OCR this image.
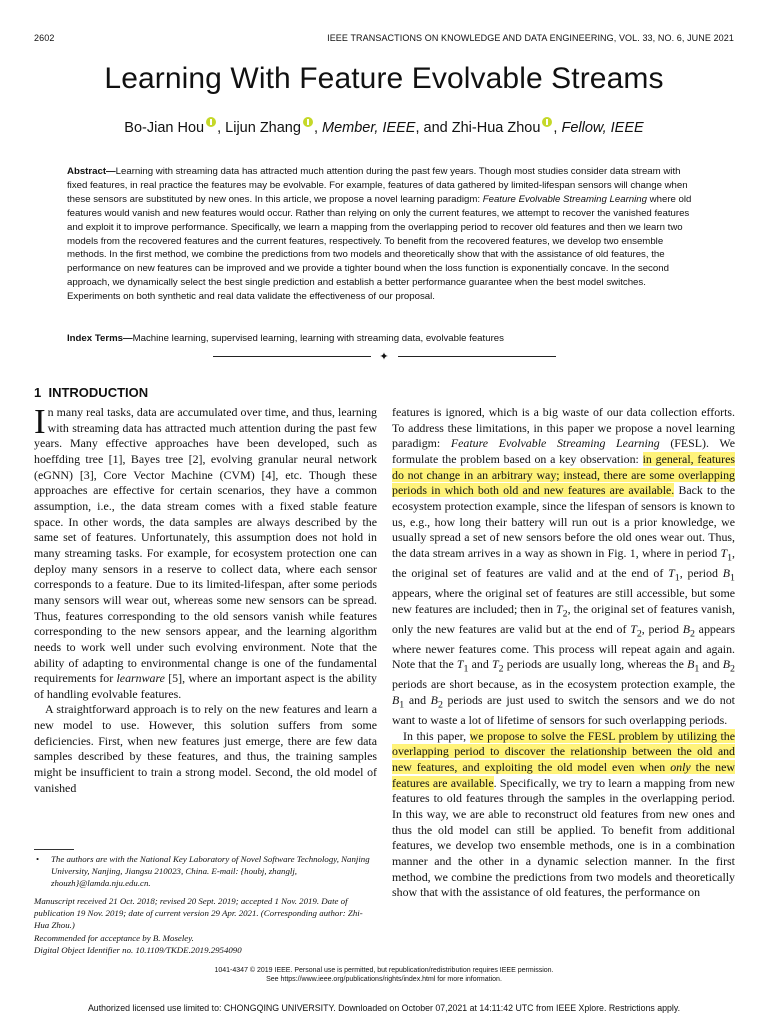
2602	IEEE TRANSACTIONS ON KNOWLEDGE AND DATA ENGINEERING, VOL. 33, NO. 6, JUNE 2021
Learning With Feature Evolvable Streams
Bo-Jian Hou , Lijun Zhang , Member, IEEE, and Zhi-Hua Zhou , Fellow, IEEE

Abstract—Learning with streaming data has attracted much attention during the past few years. Though most studies consider data stream with fixed features, in real practice the features may be evolvable. For example, features of data gathered by limited-lifespan sensors will change when these sensors are substituted by new ones. In this article, we propose a novel learning paradigm: Feature Evolvable Streaming Learning where old features would vanish and new features would occur. Rather than relying on only the current features, we attempt to recover the vanished features and exploit it to improve performance. Specifically, we learn a mapping from the overlapping period to recover old features and then we learn two models from the recovered features and the current features, respectively. To benefit from the recovered features, we develop two ensemble methods. In the first method, we combine the predictions from two models and theoretically show that with the assistance of old features, the performance on new features can be improved and we provide a tighter bound when the loss function is exponentially concave. In the second approach, we dynamically select the best single prediction and establish a better performance guarantee when the best model switches. Experiments on both synthetic and real data validate the effectiveness of our proposal.

Index Terms—Machine learning, supervised learning, learning with streaming data, evolvable features

✦
1 INTRODUCTION

In many real tasks, data are accumulated over time, and thus, learning with streaming data has attracted much attention during the past few years. Many effective approaches have been developed, such as hoeffding tree [1], Bayes tree [2], evolving granular neural network (eGNN) [3], Core Vector Machine (CVM) [4], etc. Though these approaches are effective for certain scenarios, they have a common assumption, i.e., the data stream comes with a fixed stable feature space. In other words, the data samples are always described by the same set of features. Unfortunately, this assumption does not hold in many streaming tasks. For example, for ecosystem protection one can deploy many sensors in a reserve to collect data, where each sensor corresponds to a feature. Due to its limited-lifespan, after some periods many sensors will wear out, whereas some new sensors can be spread. Thus, features corresponding to the old sensors vanish while features corresponding to the new sensors appear, and the learning algorithm needs to work well under such evolving environment. Note that the ability of adapting to environmental change is one of the fundamental requirements for learnware [5], where an important aspect is the ability of handling evolvable features.

A straightforward approach is to rely on the new features and learn a new model to use. However, this solution suffers from some deficiencies. First, when new features just emerge, there are few data samples described by these features, and thus, the training samples might be insufficient to train a strong model. Second, the old model of vanished

• The authors are with the National Key Laboratory of Novel Software Technology, Nanjing University, Nanjing, Jiangsu 210023, China. E-mail: {houbj, zhanglj, zhouzh}@lamda.nju.edu.cn.

Manuscript received 21 Oct. 2018; revised 20 Sept. 2019; accepted 1 Nov. 2019. Date of publication 19 Nov. 2019; date of current version 29 Apr. 2021. (Corresponding author: Zhi-Hua Zhou.)

Recommended for acceptance by B. Moseley.

Digital Object Identifier no. 10.1109/TKDE.2019.2954090

features is ignored, which is a big waste of our data collection efforts. To address these limitations, in this paper we propose a novel learning paradigm: Feature Evolvable Streaming Learning (FESL). We formulate the problem based on a key observation: in general, features do not change in an arbitrary way; instead, there are some overlapping periods in which both old and new features are available. Back to the ecosystem protection example, since the lifespan of sensors is known to us, e.g., how long their battery will run out is a prior knowledge, we usually spread a set of new sensors before the old ones wear out. Thus, the data stream arrives in a way as shown in Fig. 1, where in period $T_1$, the original set of features are valid and at the end of $T_1$, period $B_1$ appears, where the original set of features are still accessible, but some new features are included; then in $T_2$, the original set of features vanish, only the new features are valid but at the end of $T_2$, period $B_2$ appears where newer features come. This process will repeat again and again. Note that the $T_1$ and $T_2$ periods are usually long, whereas the $B_1$ and $B_2$ periods are short because, as in the ecosystem protection example, the $B_1$ and $B_2$ periods are just used to switch the sensors and we do not want to waste a lot of lifetime of sensors for such overlapping periods.

In this paper, we propose to solve the FESL problem by utilizing the overlapping period to discover the relationship between the old and new features, and exploiting the old model even when only the new features are available. Specifically, we try to learn a mapping from new features to old features through the samples in the overlapping period. In this way, we are able to reconstruct old features from new ones and thus the old model can still be applied. To benefit from additional features, we develop two ensemble methods, one is in a combination manner and the other in a dynamic selection manner. In the first method, we combine the predictions from two models and theoretically show that with the assistance of old features, the performance on

1041-4347 © 2019 IEEE. Personal use is permitted, but republication/redistribution requires IEEE permission.
See https://www.ieee.org/publications/rights/index.html for more information.
Authorized licensed use limited to: CHONGQING UNIVERSITY. Downloaded on October 07,2021 at 14:11:42 UTC from IEEE Xplore. Restrictions apply.
